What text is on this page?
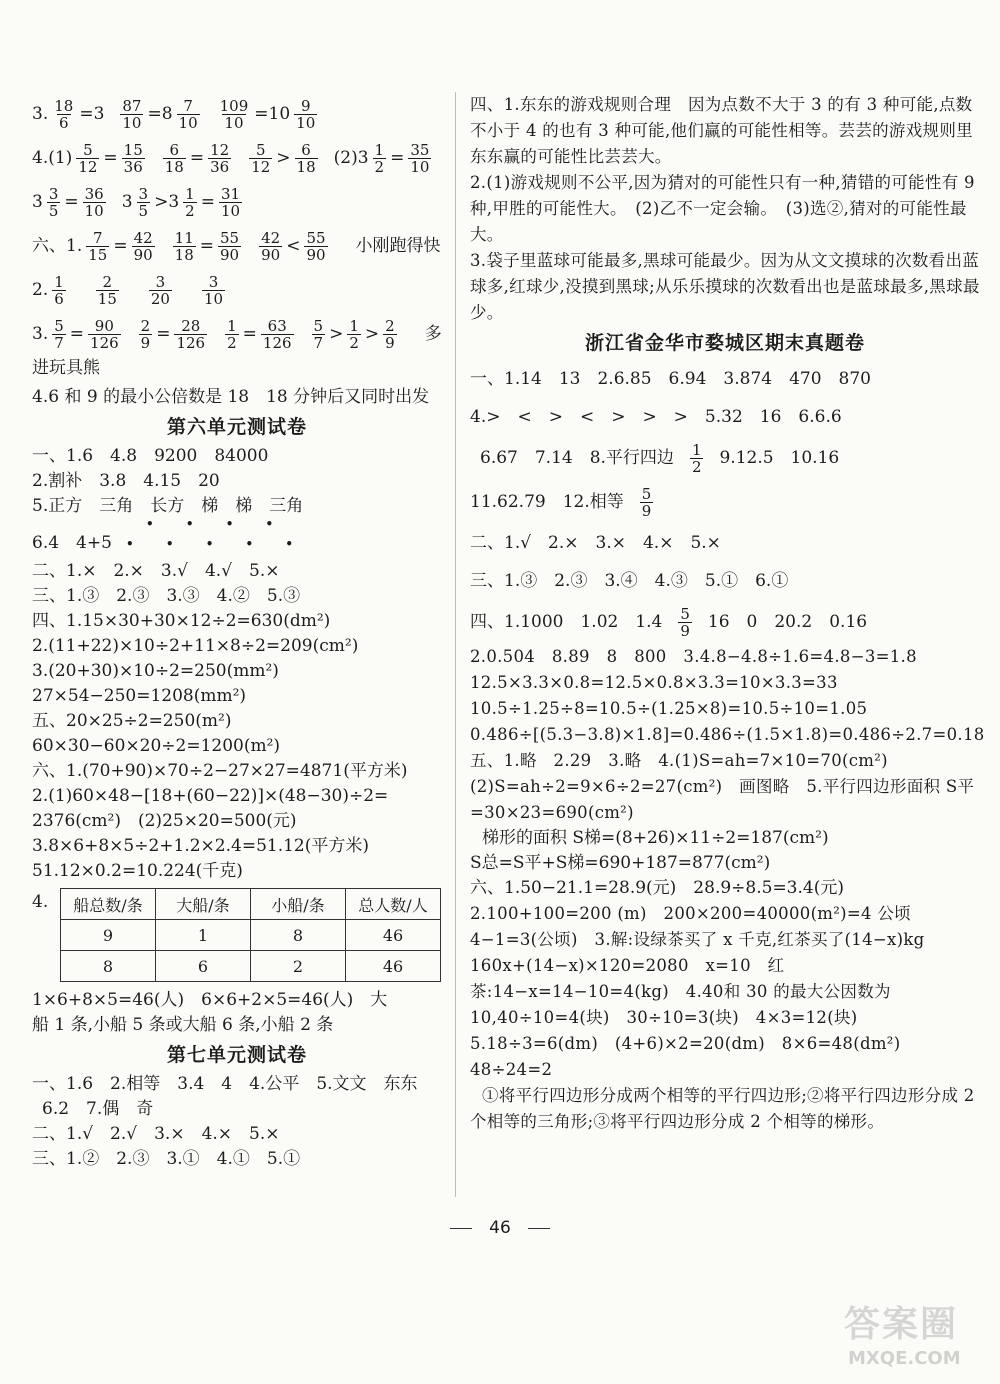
3. $\frac{18}{6} =3 \frac{87}{10} =8 \frac{7}{10} \frac{109}{10} =10 \frac{9}{10}$
$4.(1) \frac{5}{12} = \frac{15}{36} \frac{6}{18} = \frac{12}{36} \frac{5}{12} > \frac{6}{18} (2)3 \frac{1}{2} = \frac{35}{10}$
$3 \frac{3}{5} = \frac{36}{10} 3 \frac{3}{5} >3 \frac{1}{2} = \frac{31}{10}$
六、1. $\frac{7}{15} = \frac{42}{90} \frac{11}{18} = \frac{55}{90} \frac{42}{90} < \frac{55}{90}$ 小刚跑得快
2. $\frac{1}{6} \frac{2}{15} \frac{3}{20} \frac{3}{10}$
3. $\frac{5}{7} = \frac{90}{126} \frac{2}{9} = \frac{28}{126} \frac{1}{2} = \frac{63}{126} \frac{5}{7} > \frac{1}{2} > \frac{2}{9}$ 多
进玩具熊
4.6 和 9 的最小公倍数是 18　18 分钟后又同时出发
第六单元测试卷
一、1.6　4.8　9200　84000
2.割补　3.8　4.15　20
5.正方　三角　长方　梯　梯　三角
• • • •
6.4　4+5 • • • • •
二、1.×　2.×　3.√　4.√　5.×
三、1.③　2.③　3.③　4.②　5.③
四、1.15×30+30×12÷2=630(dm²)
2.(11+22)×10÷2+11×8÷2=209(cm²)
3.(20+30)×10÷2=250(mm²)
27×54−250=1208(mm²)
五、20×25÷2=250(m²)
60×30−60×20÷2=1200(m²)
六、1.(70+90)×70÷2−27×27=4871(平方米)
2.(1)60×48−[18+(60−22)]×(48−30)÷2=
2376(cm²)　(2)25×20=500(元)
3.8×6+8×5÷2+1.2×2.4=51.12(平方米)
51.12×0.2=10.224(千克)
4. 船总数/条	大船/条	小船/条	总人数/人
9	1	8	46
8	6	2	46
1×6+8×5=46(人)　6×6+2×5=46(人)　大
船 1 条,小船 5 条或大船 6 条,小船 2 条
第七单元测试卷
一、1.6　2.相等　3.4　4　4.公平　5.文文　东东
6.2　7.偶　奇
二、1.√　2.√　3.×　4.×　5.×
三、1.②　2.③　3.①　4.①　5.①
四、1.东东的游戏规则合理　因为点数不大于 3 的有 3 种可能,点数不小于 4 的也有 3 种可能,他们赢的可能性相等。芸芸的游戏规则里东东赢的可能性比芸芸大。
2.(1)游戏规则不公平,因为猜对的可能性只有一种,猜错的可能性有 9 种,甲胜的可能性大。　(2)乙不一定会输。　(3)选②,猜对的可能性最大。
3.袋子里蓝球可能最多,黑球可能最少。因为从文文摸球的次数看出蓝球多,红球少,没摸到黑球;从乐乐摸球的次数看出也是蓝球最多,黑球最少。
浙江省金华市婺城区期末真题卷
一、1.14　13　2.6.85　6.94　3.874　470　870
4.>　<　>　<　>　>　>　5.32　16　6.6.6
6.67　7.14　8.平行四边 $\frac{1}{2} 9.12.5$　10.16
11.62.79　12.相等 $\frac{5}{9}$
二、1.√　2.×　3.×　4.×　5.×
三、1.③　2.③　3.④　4.③　5.①　6.①
四、1.1000　1.02　$1.4 \frac{5}{9} 16$　0　20.2　0.16
2.0.504　8.89　8　800　3.4.8−4.8÷1.6=4.8−3=1.8　12.5×3.3×0.8=12.5×0.8×3.3=10×3.3=33　10.5÷1.25÷8=10.5÷(1.25×8)=10.5÷10=1.05　0.486÷[(5.3−3.8)×1.8]=0.486÷(1.5×1.8)=0.486÷2.7=0.18
五、1.略　2.29　3.略　4.(1)S=ah=7×10=70(cm²)　(2)S=ah÷2=9×6÷2=27(cm²)　画图略　5.平行四边形面积 S平=30×23=690(cm²)
梯形的面积 S梯=(8+26)×11÷2=187(cm²)
S总=S平+S梯=690+187=877(cm²)
六、1.50−21.1=28.9(元)　28.9÷8.5=3.4(元)
2.100+100=200 (m)　200×200=40000(m²)=4 公顷　4−1=3(公顷)　3.解:设绿茶买了 x 千克,红茶买了(14−x)kg　160x+(14−x)×120=2080　x=10　红茶:14−x=14−10=4(kg)　4.40和 30 的最大公因数为 10,40÷10=4(块)　30÷10=3(块)　4×3=12(块)　5.18÷3=6(dm)　(4+6)×2=20(dm)　8×6=48(dm²)　48÷24=2
①将平行四边形分成两个相等的平行四边形;②将平行四边形分成 2 个相等的三角形;③将平行四边形分成 2 个相等的梯形。
46
答案圈
MXQE.COM
